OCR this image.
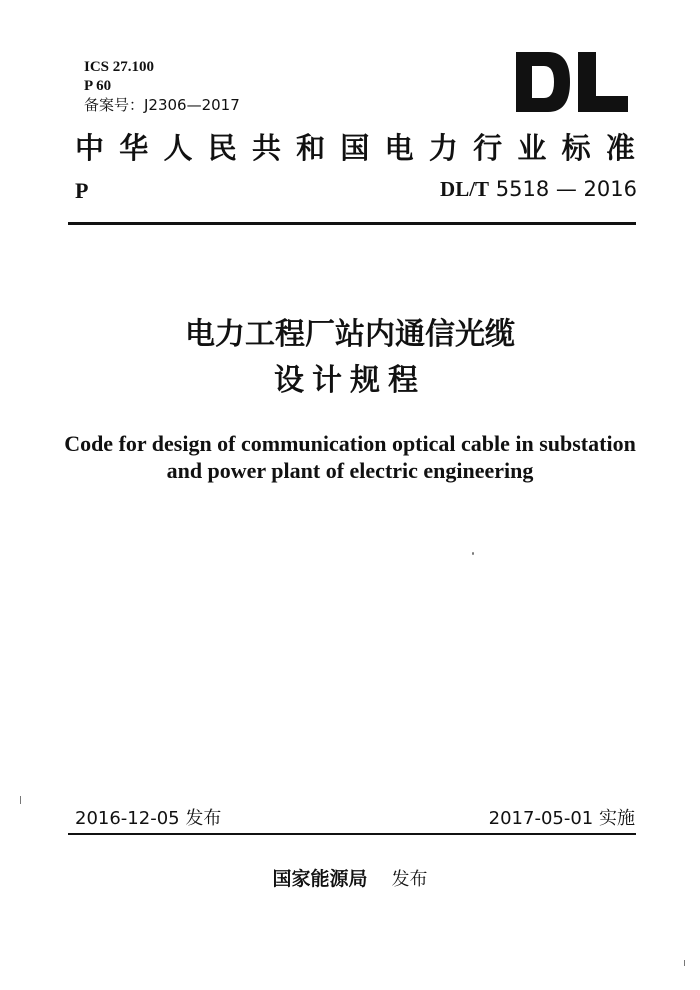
ICS 27.100
P 60
备案号：J2306—2017
中 华 人 民 共 和 国 电 力 行 业 标 准
P	DL/T 5518 — 2016
电力工程厂站内通信光缆
设计规程
Code for design of communication optical cable in substation
and power plant of electric engineering
2016-12-05 发布	2017-05-01 实施
国家能源局 发布
